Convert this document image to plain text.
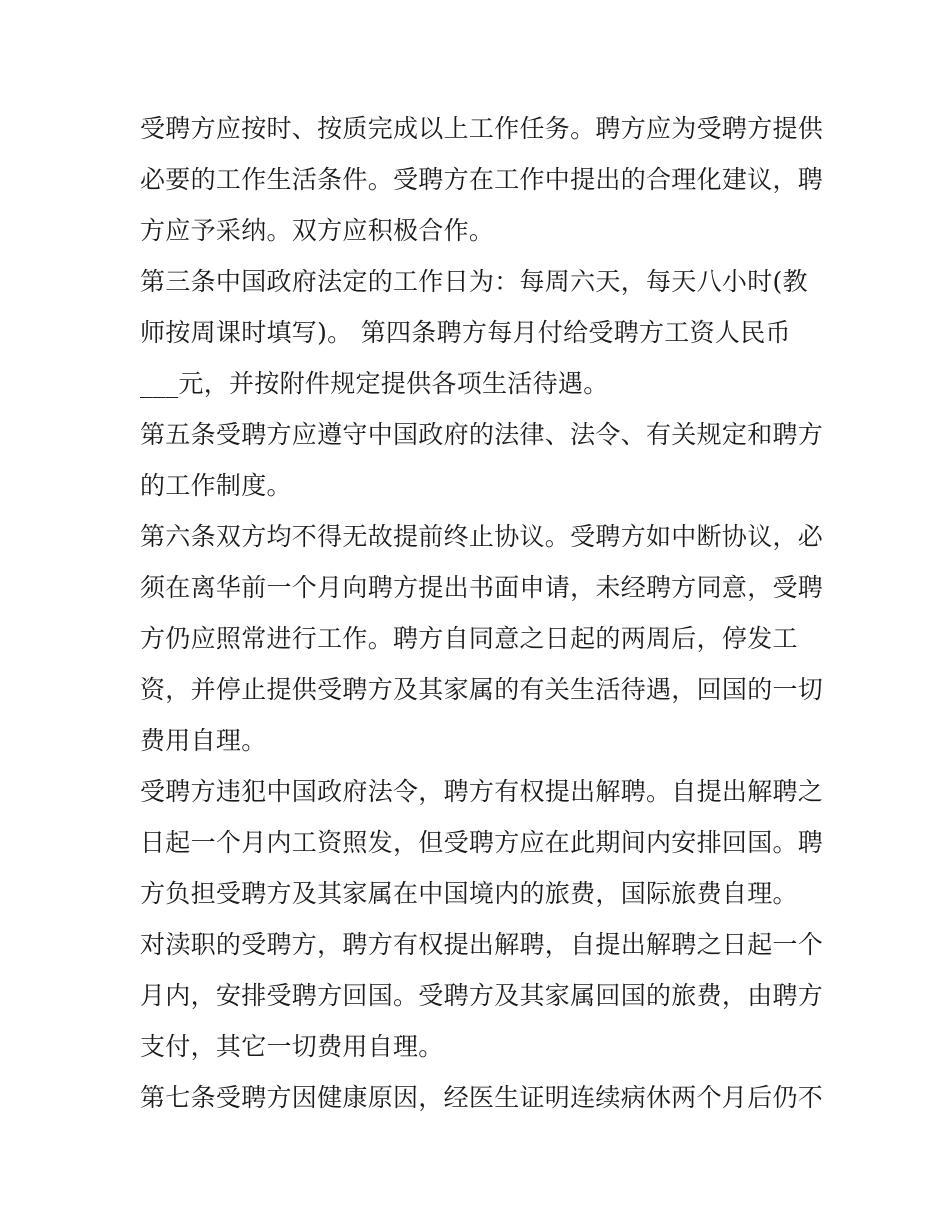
受聘方应按时、按质完成以上工作任务。聘方应为受聘方提供
必要的工作生活条件。受聘方在工作中提出的合理化建议，聘
方应予采纳。双方应积极合作。
第三条中国政府法定的工作日为：每周六天，每天八小时(教
师按周课时填写)。 第四条聘方每月付给受聘方工资人民币
___元，并按附件规定提供各项生活待遇。
第五条受聘方应遵守中国政府的法律、法令、有关规定和聘方
的工作制度。
第六条双方均不得无故提前终止协议。受聘方如中断协议，必
须在离华前一个月向聘方提出书面申请，未经聘方同意，受聘
方仍应照常进行工作。聘方自同意之日起的两周后，停发工
资，并停止提供受聘方及其家属的有关生活待遇，回国的一切
费用自理。
受聘方违犯中国政府法令，聘方有权提出解聘。自提出解聘之
日起一个月内工资照发，但受聘方应在此期间内安排回国。聘
方负担受聘方及其家属在中国境内的旅费，国际旅费自理。
对渎职的受聘方，聘方有权提出解聘，自提出解聘之日起一个
月内，安排受聘方回国。受聘方及其家属回国的旅费，由聘方
支付，其它一切费用自理。
第七条受聘方因健康原因，经医生证明连续病休两个月后仍不
